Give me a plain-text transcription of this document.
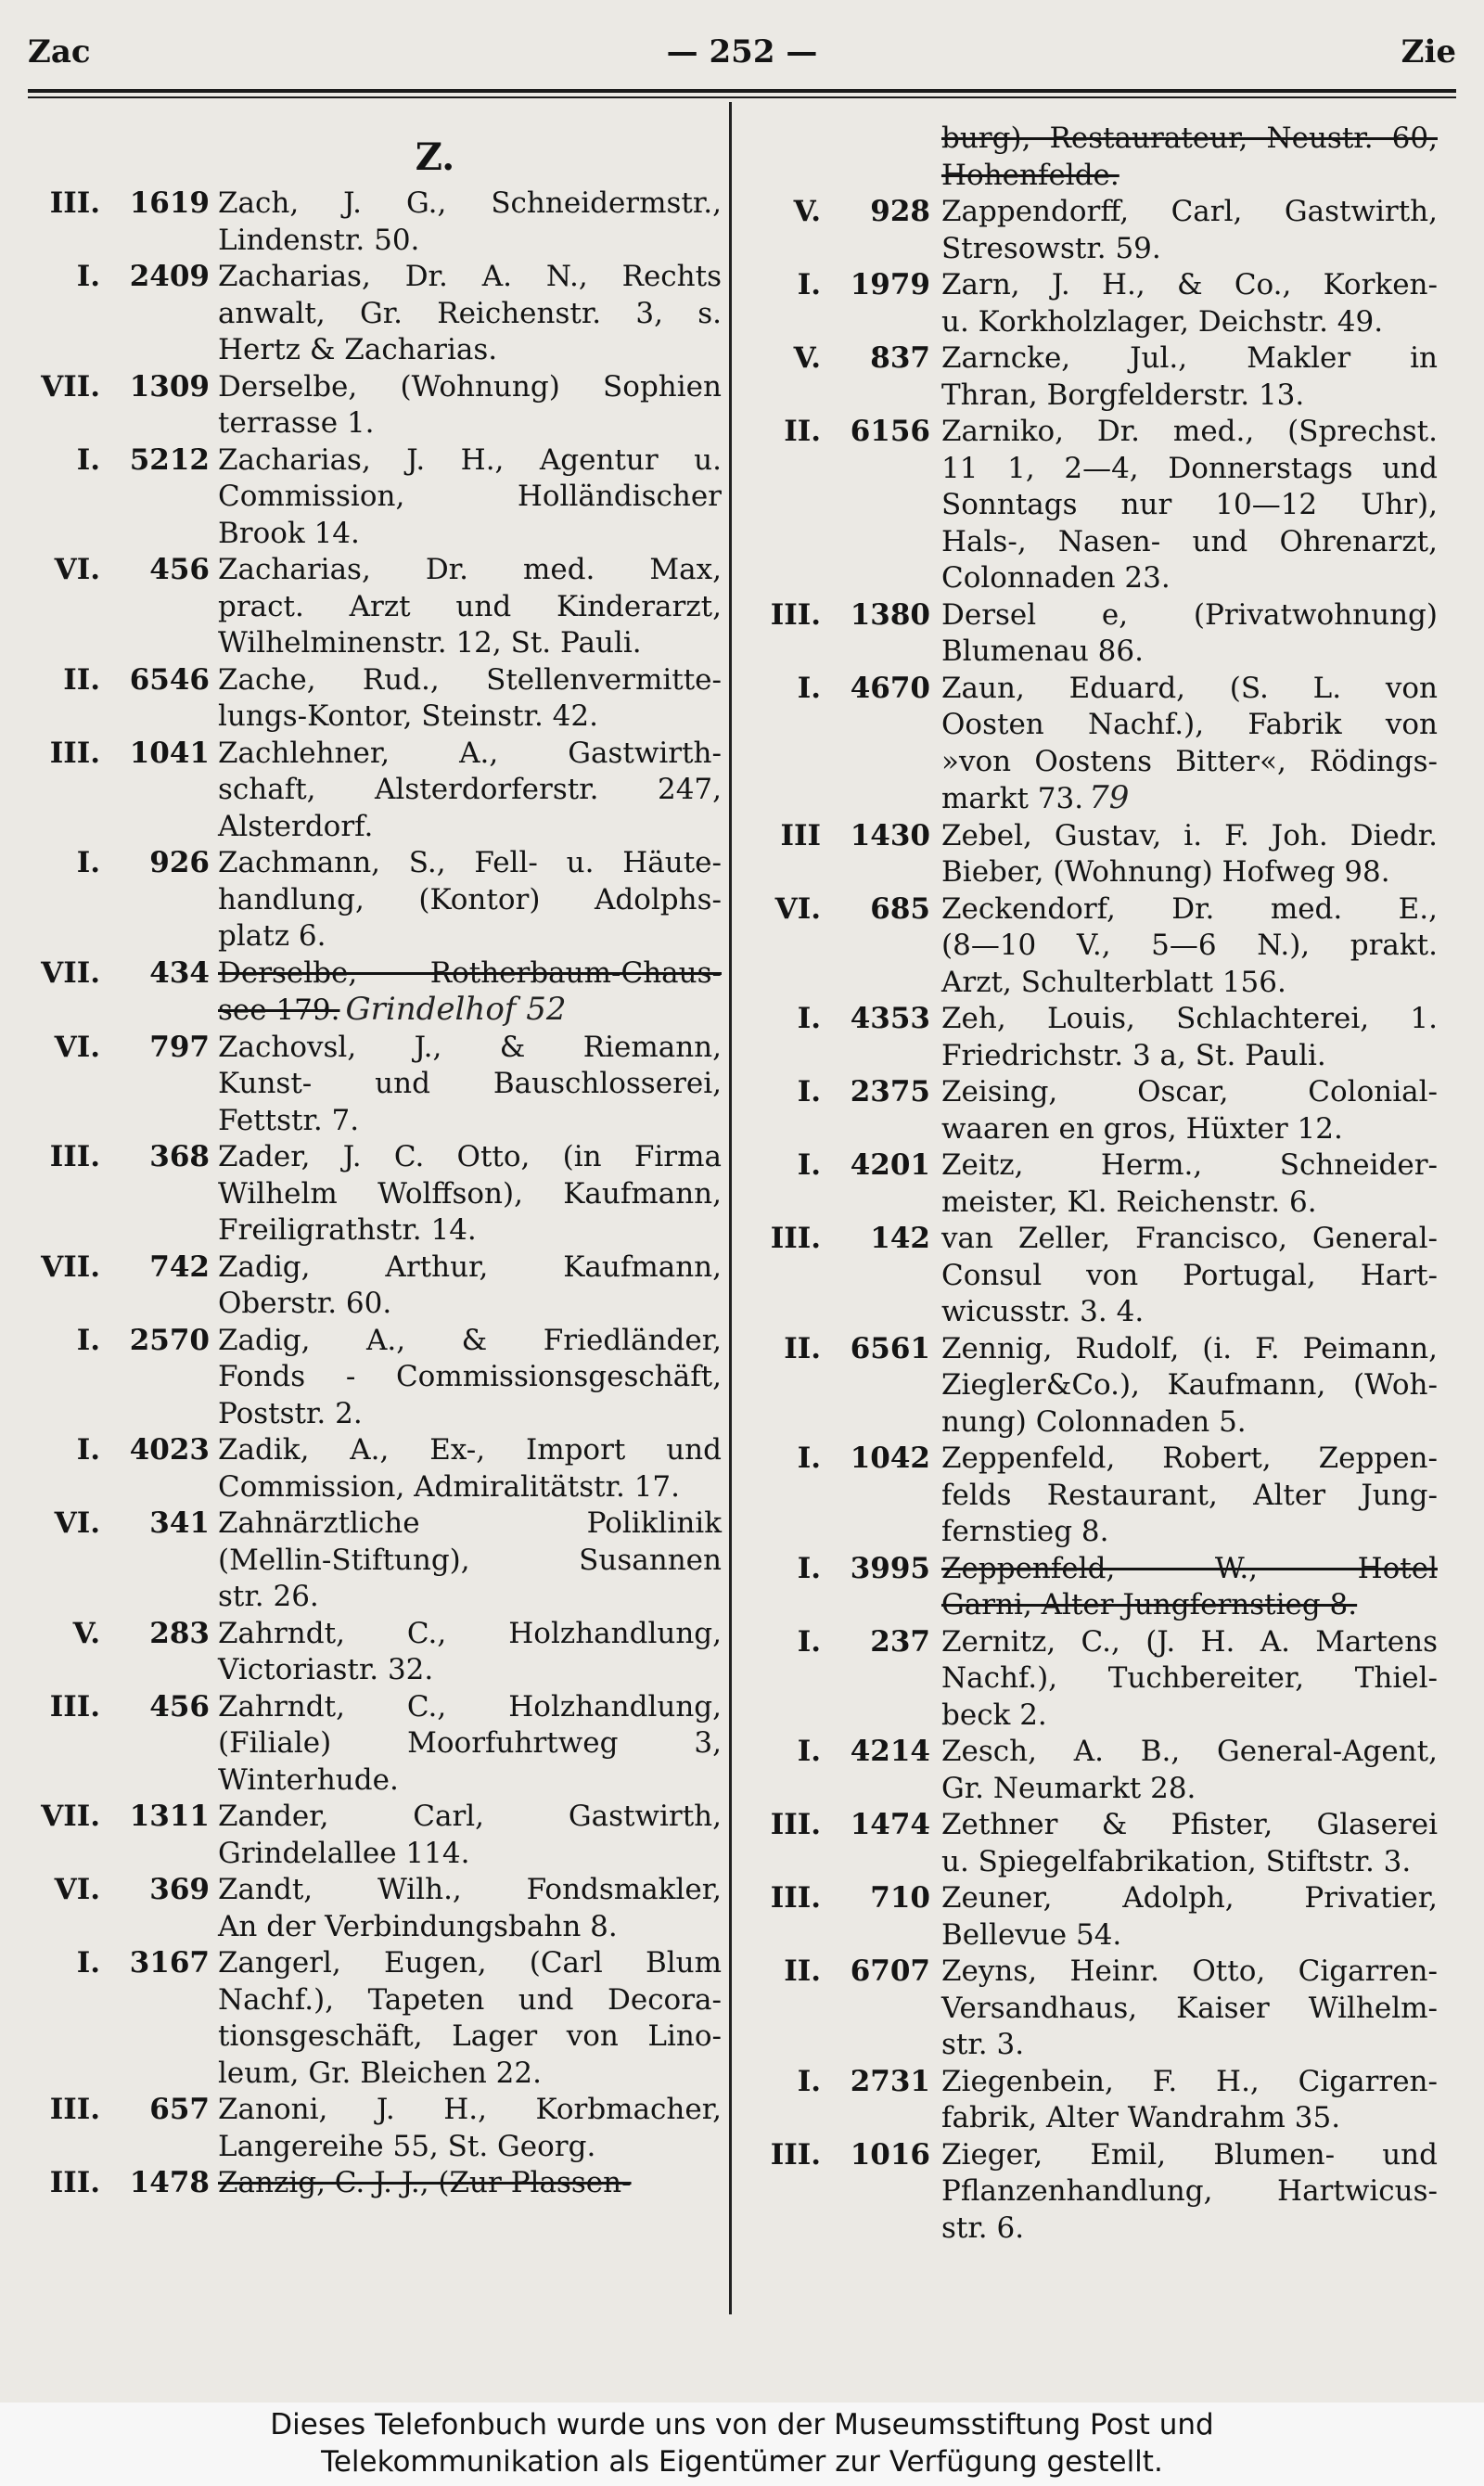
Zac	— 252 —	Zie
Z.
III.	1619 Zach, J. G., Schneidermstr.,
Lindenstr. 50.
I.	2409 Zacharias, Dr. A. N., Rechts
anwalt, Gr. Reichenstr. 3, s.
Hertz & Zacharias.
VII.	1309 Derselbe, (Wohnung) Sophien
terrasse 1.
I.	5212 Zacharias, J. H., Agentur u.
Commission, Holländischer
Brook 14.
VI.	456 Zacharias, Dr. med. Max,
pract. Arzt und Kinderarzt,
Wilhelminenstr. 12, St. Pauli.
II.	6546 Zache, Rud., Stellenvermitte-
lungs-Kontor, Steinstr. 42.
III.	1041 Zachlehner, A., Gastwirth-
schaft, Alsterdorferstr. 247,
Alsterdorf.
I.	926 Zachmann, S., Fell- u. Häute-
handlung, (Kontor) Adolphs-
platz 6.
VII.	434 Derselbe, Rotherbaum-Chaus-
see 179. Grindelhof 52
VI.	797 Zachovsl, J., & Riemann,
Kunst- und Bauschlosserei,
Fettstr. 7.
III.	368 Zader, J. C. Otto, (in Firma
Wilhelm Wolffson), Kaufmann,
Freiligrathstr. 14.
VII.	742 Zadig, Arthur, Kaufmann,
Oberstr. 60.
I.	2570 Zadig, A., & Friedländer,
Fonds - Commissionsgeschäft,
Poststr. 2.
I.	4023 Zadik, A., Ex-, Import und
Commission, Admiralitätstr. 17.
VI.	341 Zahnärztliche Poliklinik
(Mellin-Stiftung), Susannen
str. 26.
V.	283 Zahrndt, C., Holzhandlung,
Victoriastr. 32.
III.	456 Zahrndt, C., Holzhandlung,
(Filiale) Moorfuhrtweg 3,
Winterhude.
VII.	1311 Zander, Carl, Gastwirth,
Grindelallee 114.
VI.	369 Zandt, Wilh., Fondsmakler,
An der Verbindungsbahn 8.
I.	3167 Zangerl, Eugen, (Carl Blum
Nachf.), Tapeten und Decora-
tionsgeschäft, Lager von Lino-
leum, Gr. Bleichen 22.
III.	657 Zanoni, J. H., Korbmacher,
Langereihe 55, St. Georg.
III.	1478 Zanzig, C. J. J., (Zur Plassen-
burg), Restaurateur, Neustr. 60,
Hohenfelde.
V.	928 Zappendorff, Carl, Gastwirth,
Stresowstr. 59.
I.	1979 Zarn, J. H., & Co., Korken-
u. Korkholzlager, Deichstr. 49.
V.	837 Zarncke, Jul., Makler in
Thran, Borgfelderstr. 13.
II.	6156 Zarniko, Dr. med., (Sprechst.
11 1, 2—4, Donnerstags und
Sonntags nur 10—12 Uhr),
Hals-, Nasen- und Ohrenarzt,
Colonnaden 23.
III.	1380 Dersel e, (Privatwohnung)
Blumenau 86.
I.	4670 Zaun, Eduard, (S. L. von
Oosten Nachf.), Fabrik von
»von Oostens Bitter«, Rödings-
markt 73. 79
III	1430 Zebel, Gustav, i. F. Joh. Diedr.
Bieber, (Wohnung) Hofweg 98.
VI.	685 Zeckendorf, Dr. med. E.,
(8—10 V., 5—6 N.), prakt.
Arzt, Schulterblatt 156.
I.	4353 Zeh, Louis, Schlachterei, 1.
Friedrichstr. 3 a, St. Pauli.
I.	2375 Zeising, Oscar, Colonial-
waaren en gros, Hüxter 12.
I.	4201 Zeitz, Herm., Schneider-
meister, Kl. Reichenstr. 6.
III.	142 van Zeller, Francisco, General-
Consul von Portugal, Hart-
wicusstr. 3. 4.
II.	6561 Zennig, Rudolf, (i. F. Peimann,
Ziegler&Co.), Kaufmann, (Woh-
nung) Colonnaden 5.
I.	1042 Zeppenfeld, Robert, Zeppen-
felds Restaurant, Alter Jung-
fernstieg 8.
I.	3995 Zeppenfeld, W., Hotel
Garni, Alter Jungfernstieg 8.
I.	237 Zernitz, C., (J. H. A. Martens
Nachf.), Tuchbereiter, Thiel-
beck 2.
I.	4214 Zesch, A. B., General-Agent,
Gr. Neumarkt 28.
III.	1474 Zethner & Pfister, Glaserei
u. Spiegelfabrikation, Stiftstr. 3.
III.	710 Zeuner, Adolph, Privatier,
Bellevue 54.
II.	6707 Zeyns, Heinr. Otto, Cigarren-
Versandhaus, Kaiser Wilhelm-
str. 3.
I.	2731 Ziegenbein, F. H., Cigarren-
fabrik, Alter Wandrahm 35.
III.	1016 Zieger, Emil, Blumen- und
Pflanzenhandlung, Hartwicus-
str. 6.
Dieses Telefonbuch wurde uns von der Museumsstiftung Post und
Telekommunikation als Eigentümer zur Verfügung gestellt.
